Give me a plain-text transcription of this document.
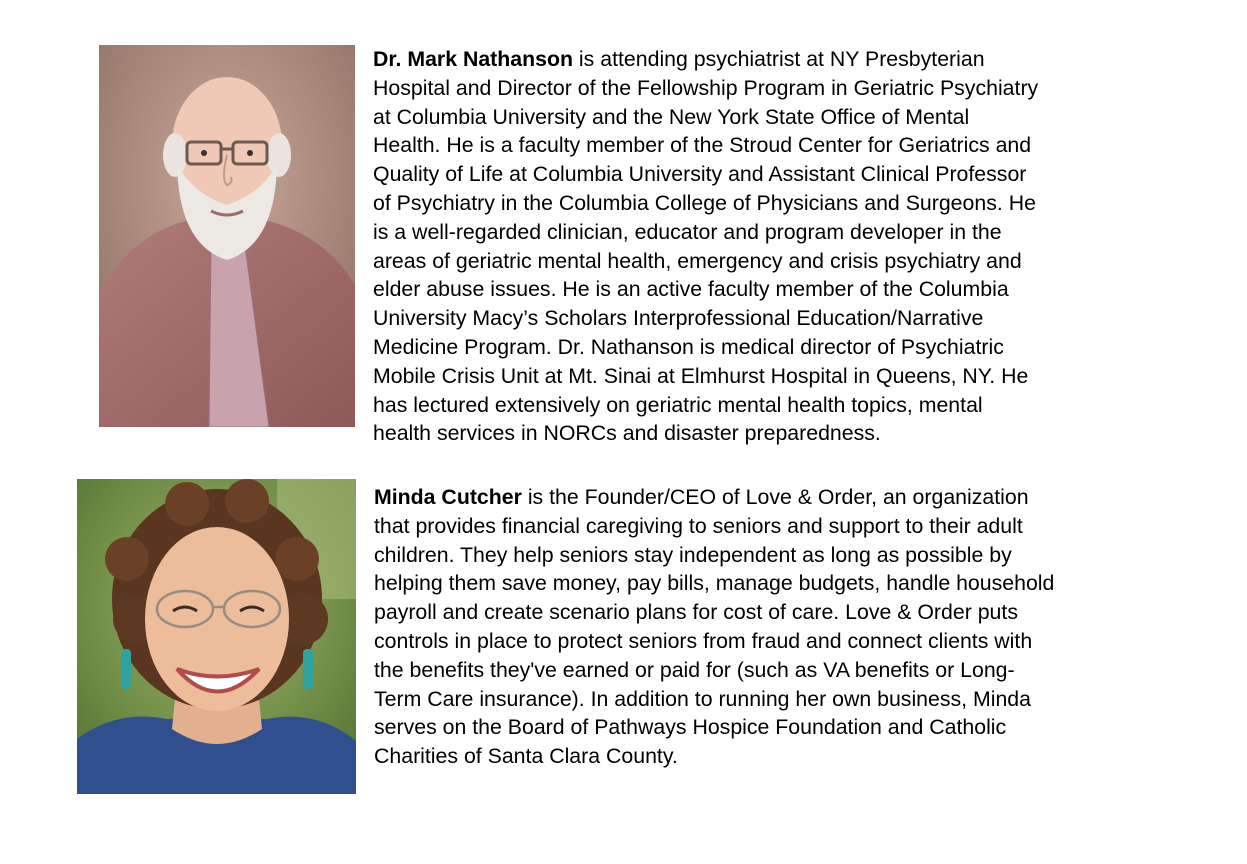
Dr. Mark Nathanson is attending psychiatrist at NY Presbyterian
Hospital and Director of the Fellowship Program in Geriatric Psychiatry
at Columbia University and the New York State Office of Mental
Health. He is a faculty member of the Stroud Center for Geriatrics and
Quality of Life at Columbia University and Assistant Clinical Professor
of Psychiatry in the Columbia College of Physicians and Surgeons. He
is a well-regarded clinician, educator and program developer in the
areas of geriatric mental health, emergency and crisis psychiatry and
elder abuse issues. He is an active faculty member of the Columbia
University Macy’s Scholars Interprofessional Education/Narrative
Medicine Program. Dr. Nathanson is medical director of Psychiatric
Mobile Crisis Unit at Mt. Sinai at Elmhurst Hospital in Queens, NY. He
has lectured extensively on geriatric mental health topics, mental
health services in NORCs and disaster preparedness.

Minda Cutcher is the Founder/CEO of Love & Order, an organization
that provides financial caregiving to seniors and support to their adult
children. They help seniors stay independent as long as possible by
helping them save money, pay bills, manage budgets, handle household
payroll and create scenario plans for cost of care. Love & Order puts
controls in place to protect seniors from fraud and connect clients with
the benefits they've earned or paid for (such as VA benefits or Long-
Term Care insurance). In addition to running her own business, Minda
serves on the Board of Pathways Hospice Foundation and Catholic
Charities of Santa Clara County.
